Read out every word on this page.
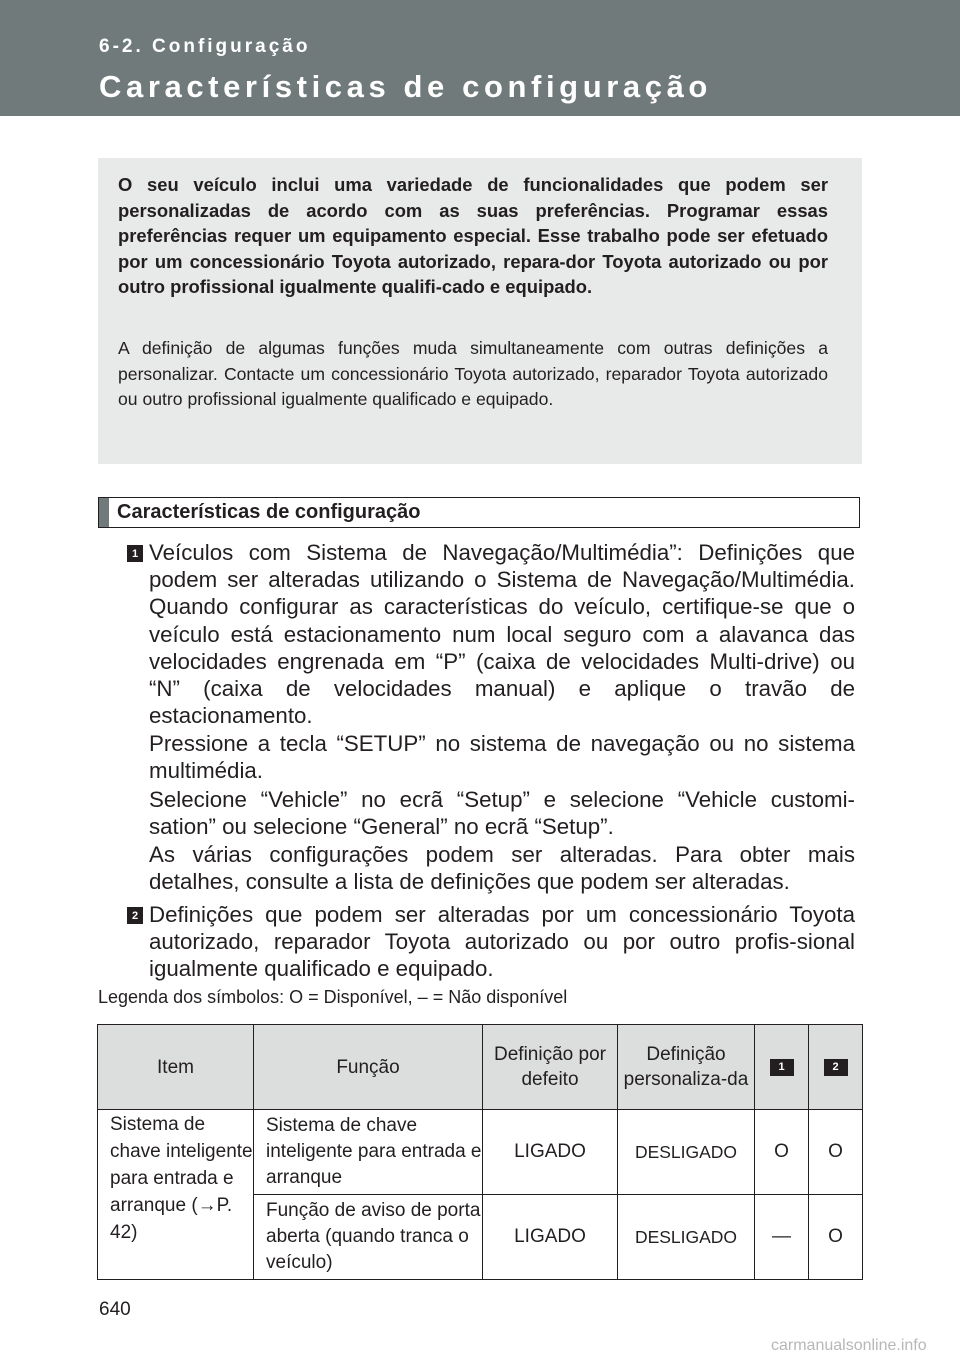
6-2. Configuração
Características de configuração
O seu veículo inclui uma variedade de funcionalidades que podem ser personalizadas de acordo com as suas preferências. Programar essas preferências requer um equipamento especial. Esse trabalho pode ser efetuado por um concessionário Toyota autorizado, repara-dor Toyota autorizado ou por outro profissional igualmente qualifi-cado e equipado.
A definição de algumas funções muda simultaneamente com outras definições a personalizar. Contacte um concessionário Toyota autorizado, reparador Toyota autorizado ou outro profissional igualmente qualificado e equipado.
Características de configuração
1 Veículos com Sistema de Navegação/Multimédia”: Definições que podem ser alteradas utilizando o Sistema de Navegação/Multimédia. Quando configurar as características do veículo, certifique-se que o veículo está estacionamento num local seguro com a alavanca das velocidades engrenada em “P” (caixa de velocidades Multi-drive) ou “N” (caixa de velocidades manual) e aplique o travão de estacionamento.
Pressione a tecla “SETUP” no sistema de navegação ou no sistema multimédia.
Selecione “Vehicle” no ecrã “Setup” e selecione “Vehicle customi-sation” ou selecione “General” no ecrã “Setup”.
As várias configurações podem ser alteradas. Para obter mais detalhes, consulte a lista de definições que podem ser alteradas.
2 Definições que podem ser alteradas por um concessionário Toyota autorizado, reparador Toyota autorizado ou por outro profis-sional igualmente qualificado e equipado.
Legenda dos símbolos: O = Disponível, – = Não disponível
Item	Função	Definição por defeito	Definição personaliza-da	1	2

Sistema de chave inteligente para entrada e arranque (→P. 42)	Sistema de chave inteligente para entrada e arranque	LIGADO	DESLIGADO	O	O
	Função de aviso de porta aberta (quando tranca o veículo)	LIGADO	DESLIGADO	—	O
640
carmanualsonline.info
